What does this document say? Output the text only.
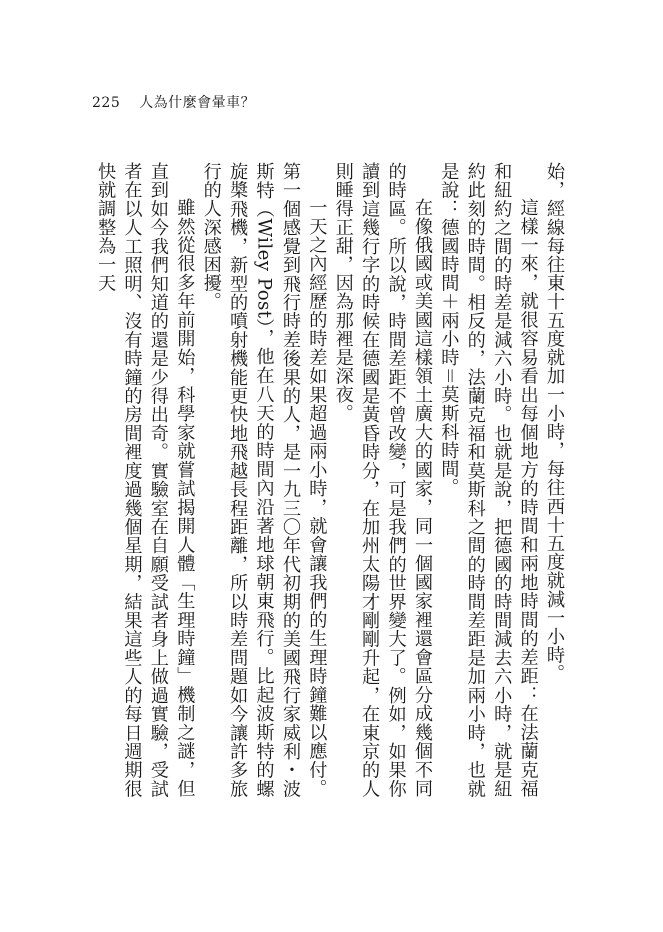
225 人為什麼會暈車？

始，經線每往東十五度就加一小時，每往西十五度就減一小時。

這樣一來，就很容易看出每個地方的時間和兩地時間的差距：在法蘭克福和紐約之間的時差是減六小時。也就是說，把德國的時間減去六小時，就是紐約此刻的時間。相反的，法蘭克福和莫斯科之間的時間差距是加兩小時，也就是說：德國時間＋兩小時＝莫斯科時間。

在像俄國或美國這樣領土廣大的國家，同一個國家裡還會區分成幾個不同的時區。所以說，時間差距不曾改變，可是我們的世界變大了。例如，如果你讀到這幾行字的時候在德國是黃昏時分，在加州太陽才剛剛升起，在東京的人則睡得正甜，因為那裡是深夜。

一天之內經歷的時差如果超過兩小時，就會讓我們的生理時鐘難以應付。第一個感覺到飛行時差後果的人，是一九三〇年代初期的美國飛行家威利・波斯特（Wiley Post），他在八天的時間內沿著地球朝東飛行。比起波斯特的螺旋槳飛機，新型的噴射機能更快地飛越長程距離，所以時差問題如今讓許多旅行的人深感困擾。

雖然從很多年前開始，科學家就嘗試揭開人體「生理時鐘」機制之謎，但直到如今我們知道的還是少得出奇。實驗室在自願受試者身上做過實驗，受試者在以人工照明、沒有時鐘的房間裡度過幾個星期，結果這些人的每日週期很快就調整為一天
